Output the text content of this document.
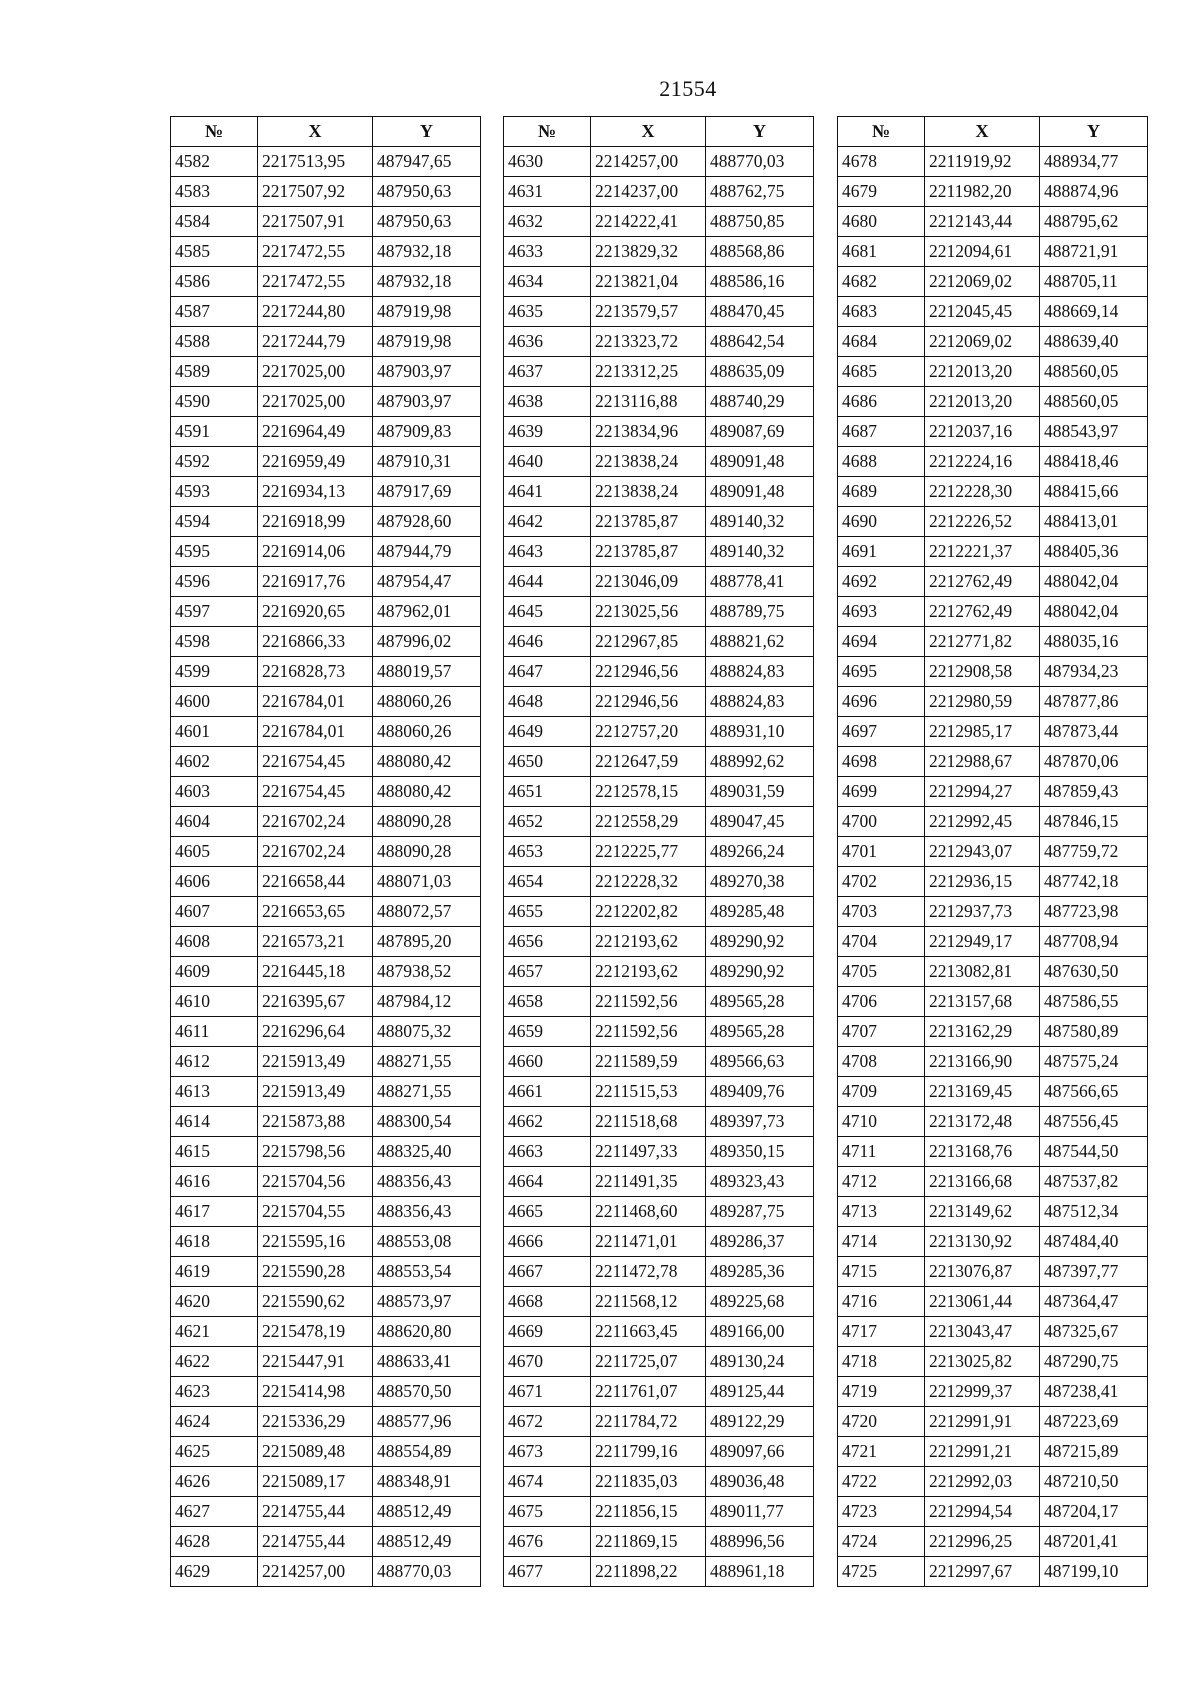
21554
№	X	Y
4582	2217513,95	487947,65
4583	2217507,92	487950,63
4584	2217507,91	487950,63
4585	2217472,55	487932,18
4586	2217472,55	487932,18
4587	2217244,80	487919,98
4588	2217244,79	487919,98
4589	2217025,00	487903,97
4590	2217025,00	487903,97
4591	2216964,49	487909,83
4592	2216959,49	487910,31
4593	2216934,13	487917,69
4594	2216918,99	487928,60
4595	2216914,06	487944,79
4596	2216917,76	487954,47
4597	2216920,65	487962,01
4598	2216866,33	487996,02
4599	2216828,73	488019,57
4600	2216784,01	488060,26
4601	2216784,01	488060,26
4602	2216754,45	488080,42
4603	2216754,45	488080,42
4604	2216702,24	488090,28
4605	2216702,24	488090,28
4606	2216658,44	488071,03
4607	2216653,65	488072,57
4608	2216573,21	487895,20
4609	2216445,18	487938,52
4610	2216395,67	487984,12
4611	2216296,64	488075,32
4612	2215913,49	488271,55
4613	2215913,49	488271,55
4614	2215873,88	488300,54
4615	2215798,56	488325,40
4616	2215704,56	488356,43
4617	2215704,55	488356,43
4618	2215595,16	488553,08
4619	2215590,28	488553,54
4620	2215590,62	488573,97
4621	2215478,19	488620,80
4622	2215447,91	488633,41
4623	2215414,98	488570,50
4624	2215336,29	488577,96
4625	2215089,48	488554,89
4626	2215089,17	488348,91
4627	2214755,44	488512,49
4628	2214755,44	488512,49
4629	2214257,00	488770,03
№	X	Y
4630	2214257,00	488770,03
4631	2214237,00	488762,75
4632	2214222,41	488750,85
4633	2213829,32	488568,86
4634	2213821,04	488586,16
4635	2213579,57	488470,45
4636	2213323,72	488642,54
4637	2213312,25	488635,09
4638	2213116,88	488740,29
4639	2213834,96	489087,69
4640	2213838,24	489091,48
4641	2213838,24	489091,48
4642	2213785,87	489140,32
4643	2213785,87	489140,32
4644	2213046,09	488778,41
4645	2213025,56	488789,75
4646	2212967,85	488821,62
4647	2212946,56	488824,83
4648	2212946,56	488824,83
4649	2212757,20	488931,10
4650	2212647,59	488992,62
4651	2212578,15	489031,59
4652	2212558,29	489047,45
4653	2212225,77	489266,24
4654	2212228,32	489270,38
4655	2212202,82	489285,48
4656	2212193,62	489290,92
4657	2212193,62	489290,92
4658	2211592,56	489565,28
4659	2211592,56	489565,28
4660	2211589,59	489566,63
4661	2211515,53	489409,76
4662	2211518,68	489397,73
4663	2211497,33	489350,15
4664	2211491,35	489323,43
4665	2211468,60	489287,75
4666	2211471,01	489286,37
4667	2211472,78	489285,36
4668	2211568,12	489225,68
4669	2211663,45	489166,00
4670	2211725,07	489130,24
4671	2211761,07	489125,44
4672	2211784,72	489122,29
4673	2211799,16	489097,66
4674	2211835,03	489036,48
4675	2211856,15	489011,77
4676	2211869,15	488996,56
4677	2211898,22	488961,18
№	X	Y
4678	2211919,92	488934,77
4679	2211982,20	488874,96
4680	2212143,44	488795,62
4681	2212094,61	488721,91
4682	2212069,02	488705,11
4683	2212045,45	488669,14
4684	2212069,02	488639,40
4685	2212013,20	488560,05
4686	2212013,20	488560,05
4687	2212037,16	488543,97
4688	2212224,16	488418,46
4689	2212228,30	488415,66
4690	2212226,52	488413,01
4691	2212221,37	488405,36
4692	2212762,49	488042,04
4693	2212762,49	488042,04
4694	2212771,82	488035,16
4695	2212908,58	487934,23
4696	2212980,59	487877,86
4697	2212985,17	487873,44
4698	2212988,67	487870,06
4699	2212994,27	487859,43
4700	2212992,45	487846,15
4701	2212943,07	487759,72
4702	2212936,15	487742,18
4703	2212937,73	487723,98
4704	2212949,17	487708,94
4705	2213082,81	487630,50
4706	2213157,68	487586,55
4707	2213162,29	487580,89
4708	2213166,90	487575,24
4709	2213169,45	487566,65
4710	2213172,48	487556,45
4711	2213168,76	487544,50
4712	2213166,68	487537,82
4713	2213149,62	487512,34
4714	2213130,92	487484,40
4715	2213076,87	487397,77
4716	2213061,44	487364,47
4717	2213043,47	487325,67
4718	2213025,82	487290,75
4719	2212999,37	487238,41
4720	2212991,91	487223,69
4721	2212991,21	487215,89
4722	2212992,03	487210,50
4723	2212994,54	487204,17
4724	2212996,25	487201,41
4725	2212997,67	487199,10
